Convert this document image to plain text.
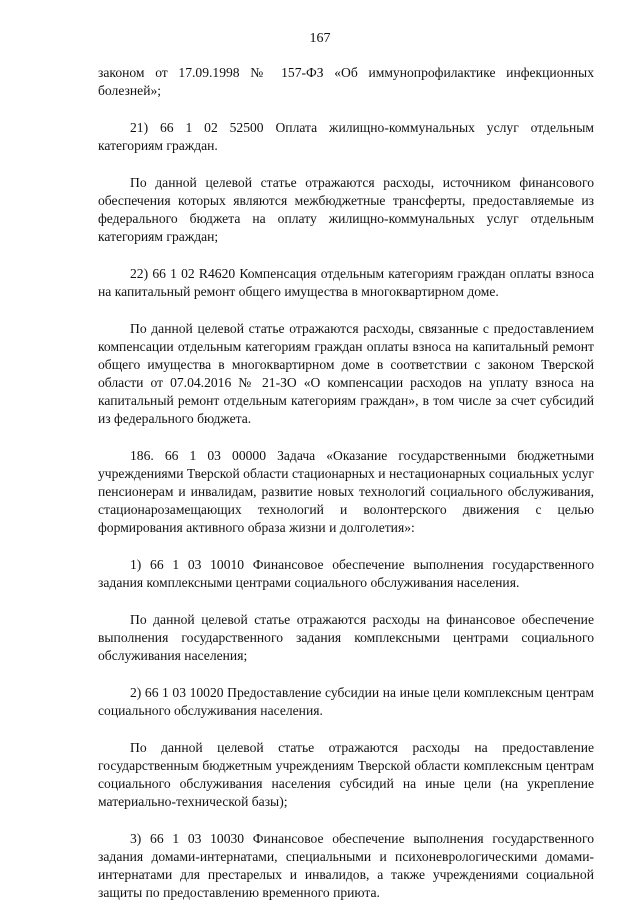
167

законом от 17.09.1998 № 157-ФЗ «Об иммунопрофилактике инфекционных болезней»;

21) 66 1 02 52500 Оплата жилищно-коммунальных услуг отдельным категориям граждан.

По данной целевой статье отражаются расходы, источником финансового обеспечения которых являются межбюджетные трансферты, предоставляемые из федерального бюджета на оплату жилищно-коммунальных услуг отдельным категориям граждан;

22) 66 1 02 R4620 Компенсация отдельным категориям граждан оплаты взноса на капитальный ремонт общего имущества в многоквартирном доме.

По данной целевой статье отражаются расходы, связанные с предоставлением компенсации отдельным категориям граждан оплаты взноса на капитальный ремонт общего имущества в многоквартирном доме в соответствии с законом Тверской области от 07.04.2016 № 21-ЗО «О компенсации расходов на уплату взноса на капитальный ремонт отдельным категориям граждан», в том числе за счет субсидий из федерального бюджета.

186. 66 1 03 00000 Задача «Оказание государственными бюджетными учреждениями Тверской области стационарных и нестационарных социальных услуг пенсионерам и инвалидам, развитие новых технологий социального обслуживания, стационарозамещающих технологий и волонтерского движения с целью формирования активного образа жизни и долголетия»:

1) 66 1 03 10010 Финансовое обеспечение выполнения государственного задания комплексными центрами социального обслуживания населения.

По данной целевой статье отражаются расходы на финансовое обеспечение выполнения государственного задания комплексными центрами социального обслуживания населения;

2) 66 1 03 10020 Предоставление субсидии на иные цели комплексным центрам социального обслуживания населения.

По данной целевой статье отражаются расходы на предоставление государственным бюджетным учреждениям Тверской области комплексным центрам социального обслуживания населения субсидий на иные цели (на укрепление материально-технической базы);

3) 66 1 03 10030 Финансовое обеспечение выполнения государственного задания домами-интернатами, специальными и психоневрологическими домами-интернатами для престарелых и инвалидов, а также учреждениями социальной защиты по предоставлению временного приюта.
